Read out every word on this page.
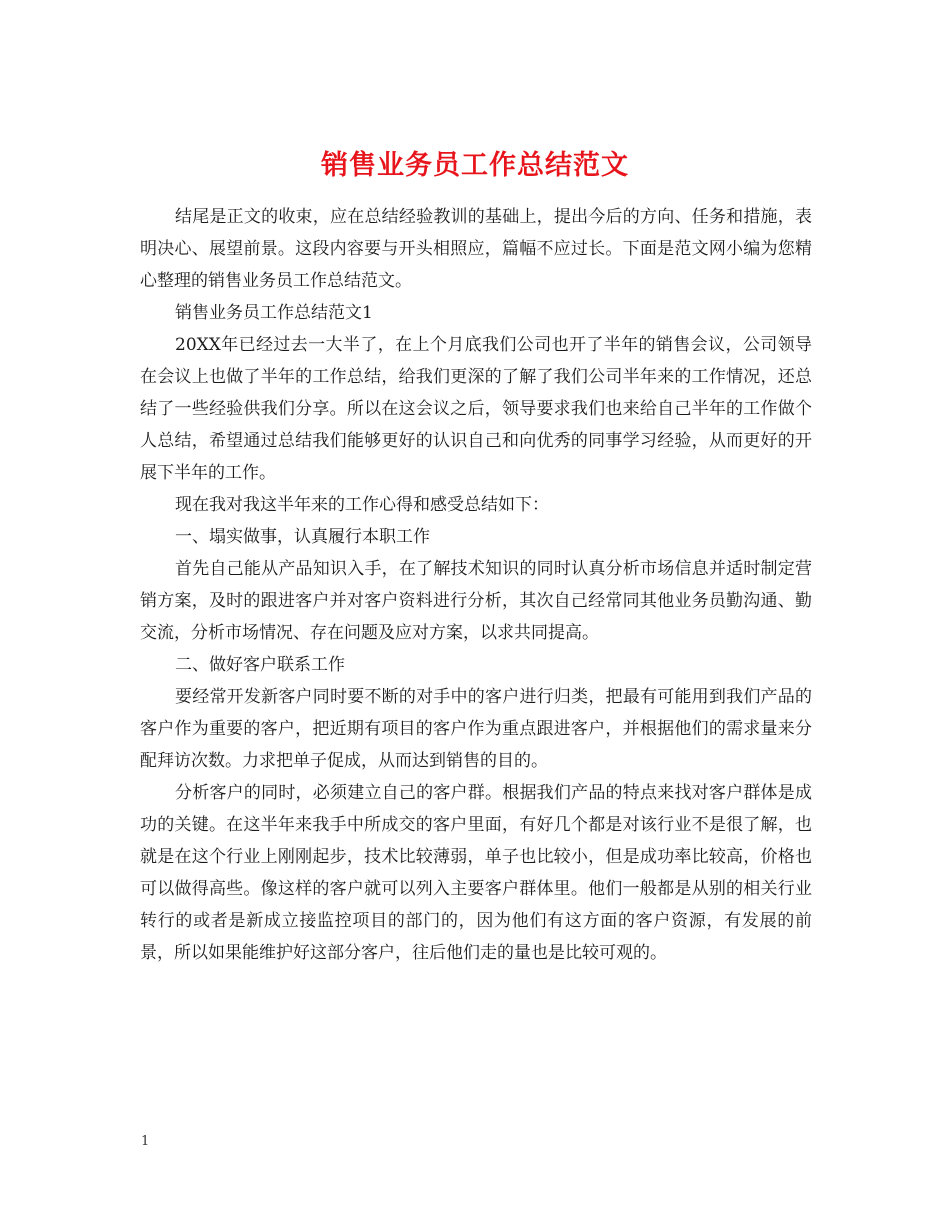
销售业务员工作总结范文

结尾是正文的收束，应在总结经验教训的基础上，提出今后的方向、任务和措施，表明决心、展望前景。这段内容要与开头相照应，篇幅不应过长。下面是范文网小编为您精心整理的销售业务员工作总结范文。

销售业务员工作总结范文1

20XX年已经过去一大半了，在上个月底我们公司也开了半年的销售会议，公司领导在会议上也做了半年的工作总结，给我们更深的了解了我们公司半年来的工作情况，还总结了一些经验供我们分享。所以在这会议之后，领导要求我们也来给自己半年的工作做个人总结，希望通过总结我们能够更好的认识自己和向优秀的同事学习经验，从而更好的开展下半年的工作。

现在我对我这半年来的工作心得和感受总结如下：

一、塌实做事，认真履行本职工作

首先自己能从产品知识入手，在了解技术知识的同时认真分析市场信息并适时制定营销方案，及时的跟进客户并对客户资料进行分析，其次自己经常同其他业务员勤沟通、勤交流，分析市场情况、存在问题及应对方案，以求共同提高。

二、做好客户联系工作

要经常开发新客户同时要不断的对手中的客户进行归类，把最有可能用到我们产品的客户作为重要的客户，把近期有项目的客户作为重点跟进客户，并根据他们的需求量来分配拜访次数。力求把单子促成，从而达到销售的目的。

分析客户的同时，必须建立自己的客户群。根据我们产品的特点来找对客户群体是成功的关键。在这半年来我手中所成交的客户里面，有好几个都是对该行业不是很了解，也就是在这个行业上刚刚起步，技术比较薄弱，单子也比较小，但是成功率比较高，价格也可以做得高些。像这样的客户就可以列入主要客户群体里。他们一般都是从别的相关行业转行的或者是新成立接监控项目的部门的，因为他们有这方面的客户资源，有发展的前景，所以如果能维护好这部分客户，往后他们走的量也是比较可观的。

1
